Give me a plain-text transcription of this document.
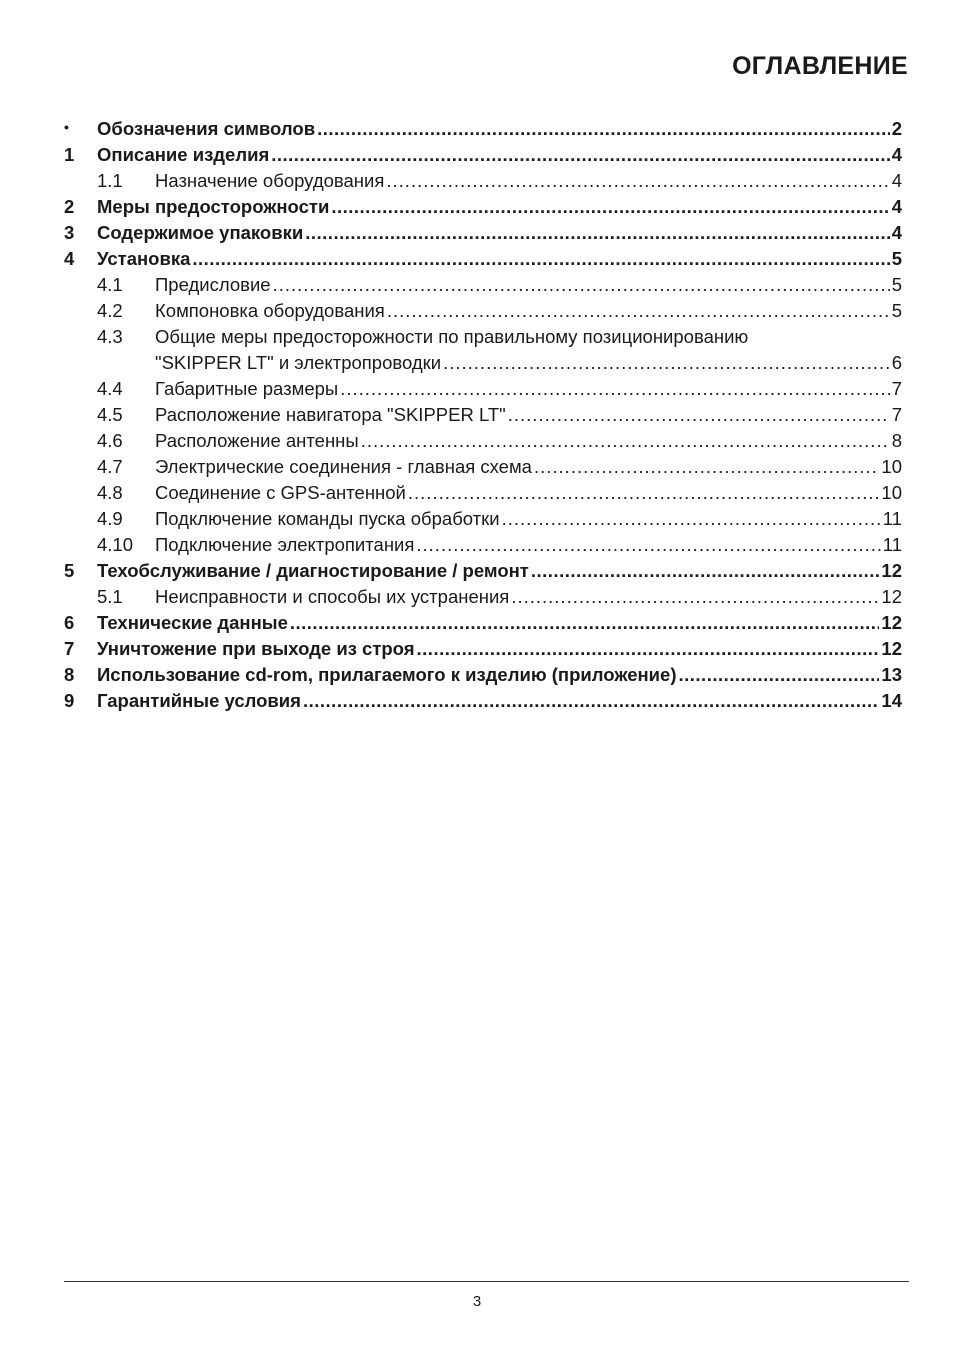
ОГЛАВЛЕНИЕ
•	Обозначения символов .....	2
1	Описание изделия .....	4
1.1	Назначение оборудования .....	4
2	Меры предосторожности .....	4
3	Содержимое упаковки .....	4
4	Установка .....	5
4.1	Предисловие .....	5
4.2	Компоновка оборудования .....	5
4.3	Общие меры предосторожности по правильному позиционированию
"SKIPPER LT" и электропроводки .....	6
4.4	Габаритные размеры .....	7
4.5	Расположение навигатора "SKIPPER LT" .....	7
4.6	Расположение антенны .....	8
4.7	Электрические соединения - главная схема .....	10
4.8	Соединение с GPS-антенной .....	10
4.9	Подключение команды пуска обработки .....	11
4.10	Подключение электропитания .....	11
5	Техобслуживание / диагностирование / ремонт .....	12
5.1	Неисправности и способы их устранения .....	12
6	Технические данные .....	12
7	Уничтожение при выходе из строя .....	12
8	Использование cd-rom, прилагаемого к изделию (приложение) .....	13
9	Гарантийные условия .....	14
3
